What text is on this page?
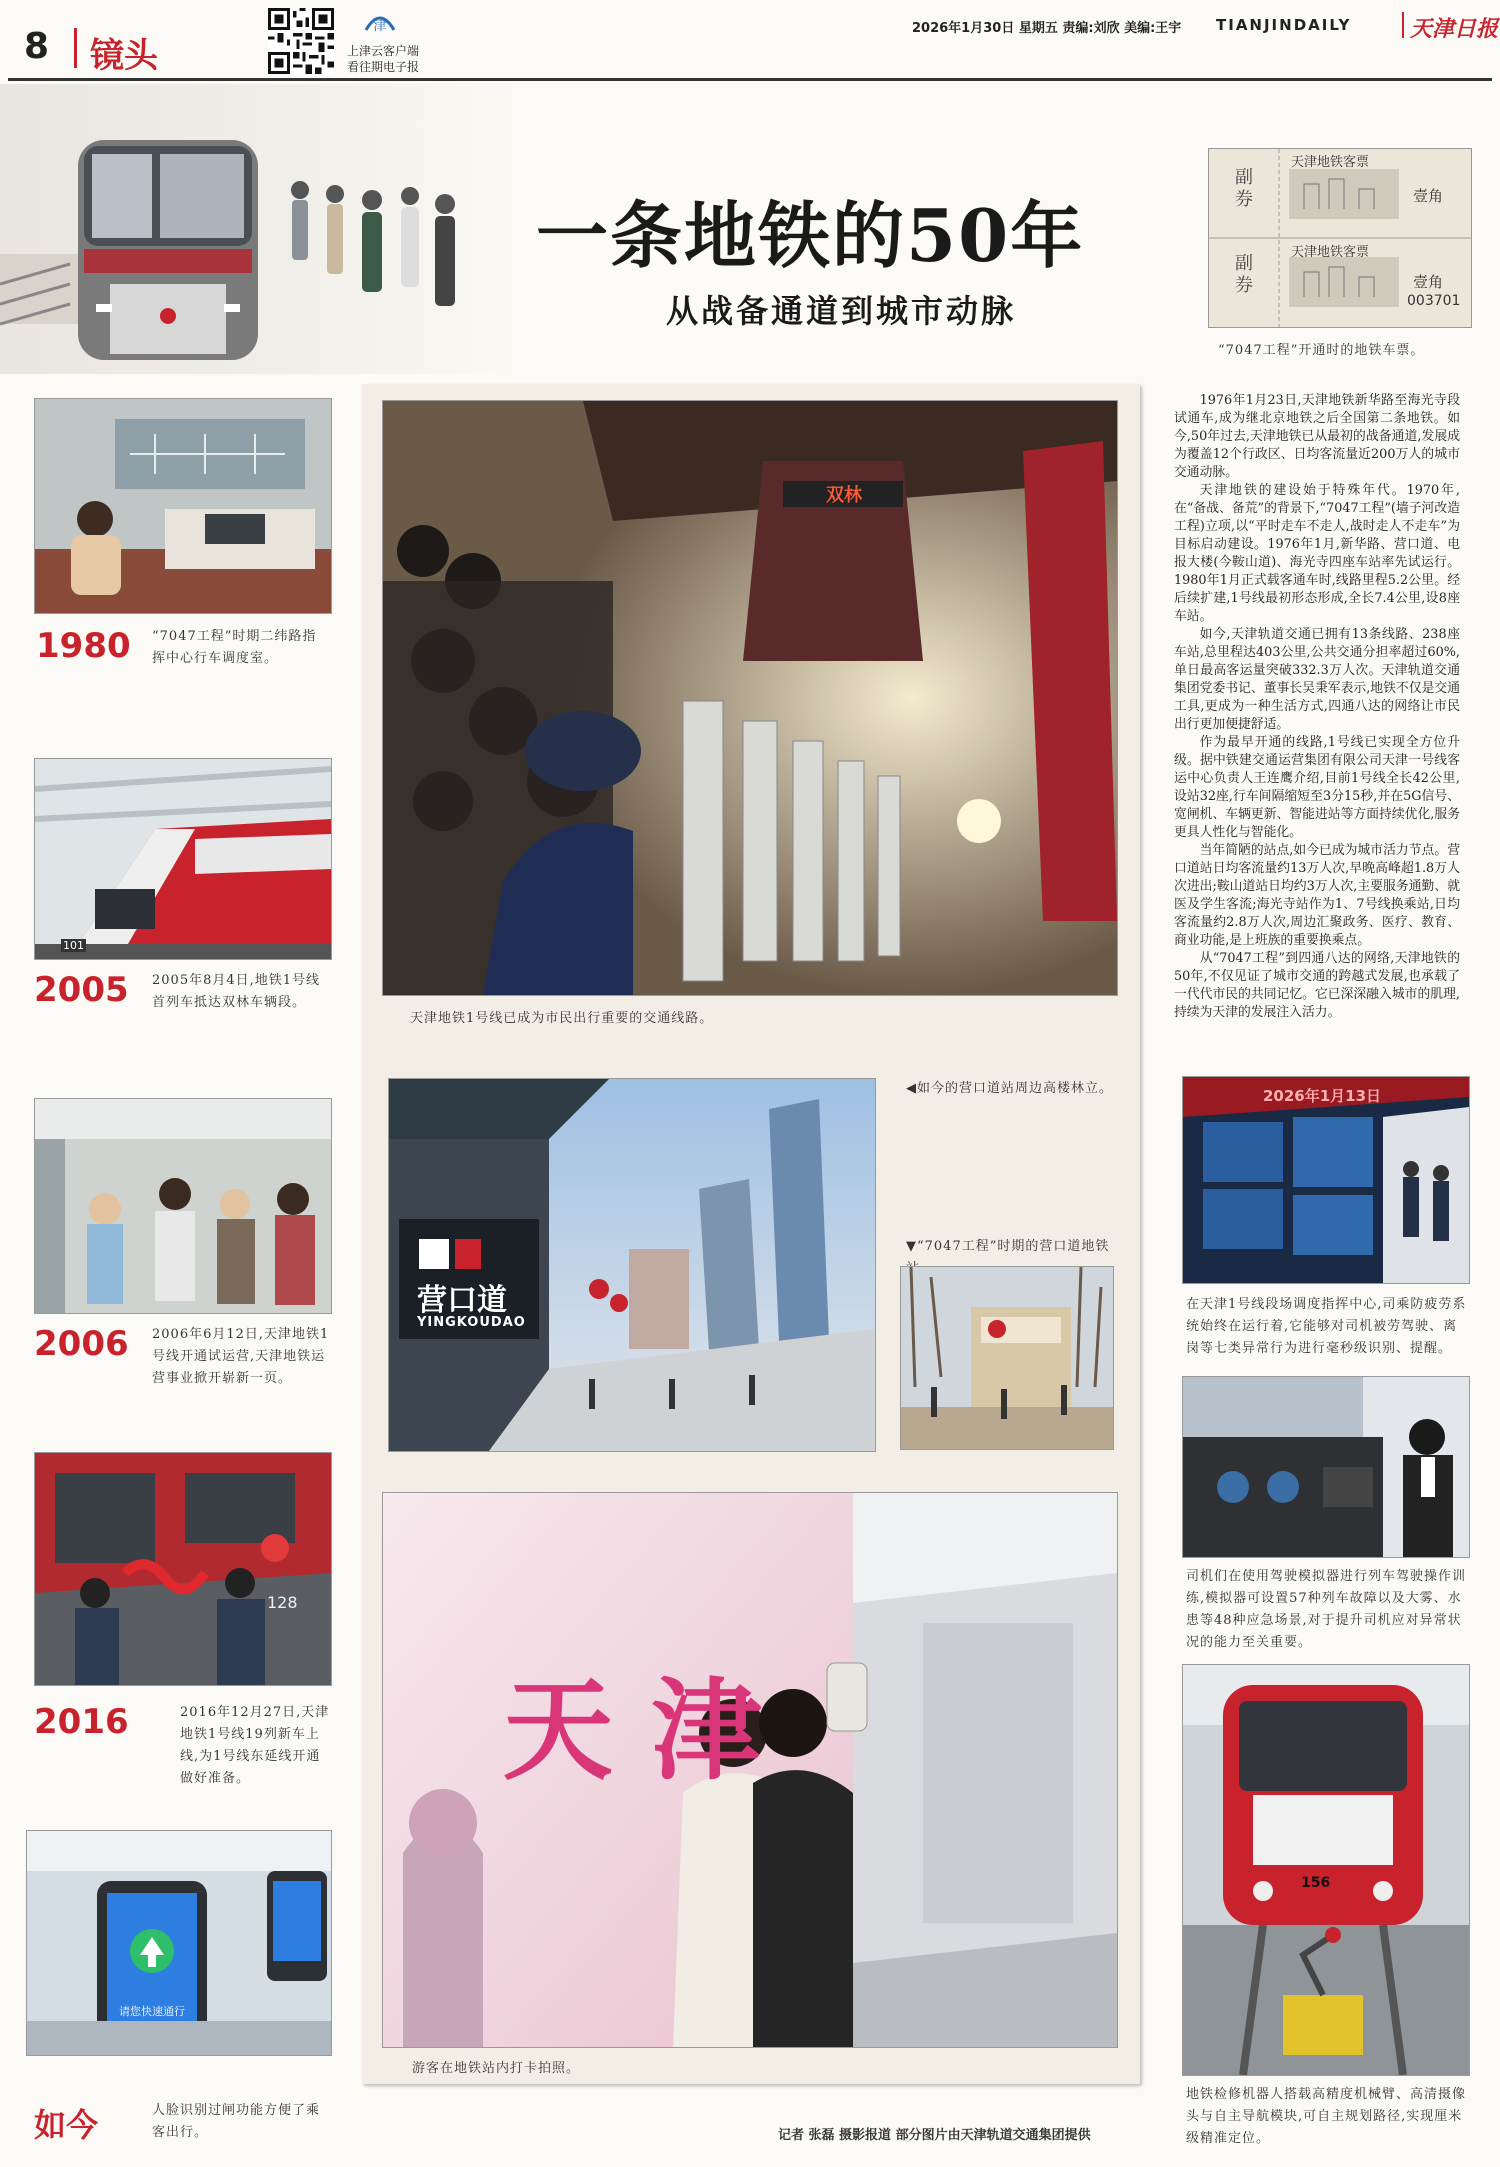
8 镜头
津
上津云客户端
看往期电子报
2026年1月30日 星期五 责编:刘欣 美编:王宇 TIANJINDAILY	天津日报
一条地铁的50年
从战备通道到城市动脉
副券
天津地铁客票
壹角
副券
天津地铁客票
壹角
003701
“7047工程”开通时的地铁车票。
1980 “7047工程”时期二纬路指挥中心行车调度室。
101
2005 2005年8月4日,地铁1号线首列车抵达双林车辆段。
2006 2006年6月12日,天津地铁1号线开通试运营,天津地铁运营事业掀开崭新一页。
128
2016	2016年12月27日,天津地铁1号线19列新车上线,为1号线东延线开通做好准备。
请您快速通行
如今	人脸识别过闸功能方便了乘客出行。
双林
天津地铁1号线已成为市民出行重要的交通线路。
营口道
YINGKOUDAO
◀如今的营口道站周边高楼林立。
▼“7047工程”时期的营口道地铁
天 津
游客在地铁站内打卡拍照。

1976年1月23日,天津地铁新华路至海光寺段试通车,成为继北京地铁之后全国第二条地铁。如今,50年过去,天津地铁已从最初的战备通道,发展成为覆盖12个行政区、日均客流量近200万人的城市交通动脉。

天津地铁的建设始于特殊年代。1970年,在“备战、备荒”的背景下,“7047工程”(墙子河改造工程)立项,以“平时走车不走人,战时走人不走车”为目标启动建设。1976年1月,新华路、营口道、电报大楼(今鞍山道)、海光寺四座车站率先试运行。1980年1月正式载客通车时,线路里程5.2公里。经后续扩建,1号线最初形态形成,全长7.4公里,设8座车站。

如今,天津轨道交通已拥有13条线路、238座车站,总里程达403公里,公共交通分担率超过60%,单日最高客运量突破332.3万人次。天津轨道交通集团党委书记、董事长吴秉军表示,地铁不仅是交通工具,更成为一种生活方式,四通八达的网络让市民出行更加便捷舒适。

作为最早开通的线路,1号线已实现全方位升级。据中铁建交通运营集团有限公司天津一号线客运中心负责人王连鹰介绍,目前1号线全长42公里,设站32座,行车间隔缩短至3分15秒,并在5G信号、宽闸机、车辆更新、智能进站等方面持续优化,服务更具人性化与智能化。

当年简陋的站点,如今已成为城市活力节点。营口道站日均客流量约13万人次,早晚高峰超1.8万人次进出;鞍山道站日均约3万人次,主要服务通勤、就医及学生客流;海光寺站作为1、7号线换乘站,日均客流量约2.8万人次,周边汇聚政务、医疗、教育、商业功能,是上班族的重要换乘点。

从“7047工程”到四通八达的网络,天津地铁的50年,不仅见证了城市交通的跨越式发展,也承载了一代代市民的共同记忆。它已深深融入城市的肌理,持续为天津的发展注入活力。

2026年1月13日
在天津1号线段场调度指挥中心,司乘防疲劳系统始终在运行着,它能够对司机被劳驾驶、离岗等七类异常行为进行毫秒级识别、提醒。
司机们在使用驾驶模拟器进行列车驾驶操作训练,模拟器可设置57种列车故障以及大雾、水患等48种应急场景,对于提升司机应对异常状况的能力至关重要。
156
地铁检修机器人搭载高精度机械臂、高清摄像头与自主导航模块,可自主规划路径,实现厘米级精准定位。
记者 张磊 摄影报道 部分图片由天津轨道交通集团提供
